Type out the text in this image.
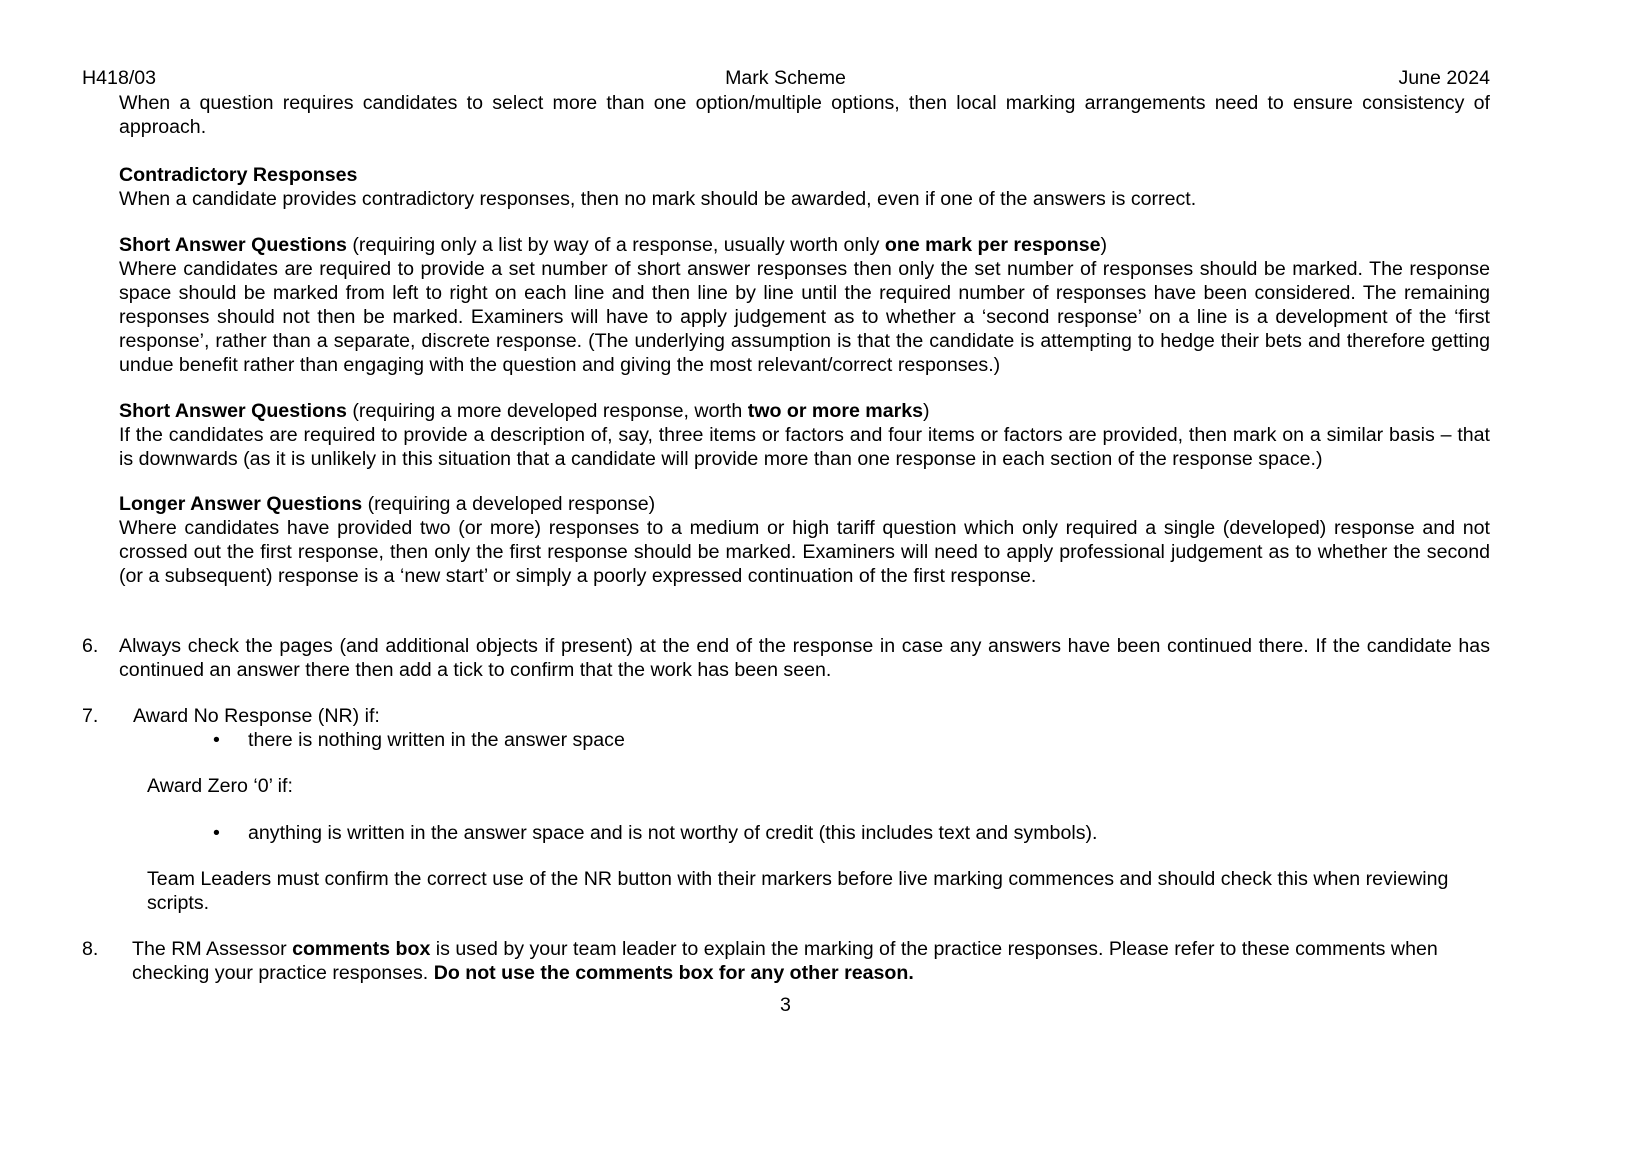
H418/03	Mark Scheme	June 2024
When a question requires candidates to select more than one option/multiple options, then local marking arrangements need to ensure consistency of approach.
Contradictory Responses
When a candidate provides contradictory responses, then no mark should be awarded, even if one of the answers is correct.
Short Answer Questions (requiring only a list by way of a response, usually worth only one mark per response)
Where candidates are required to provide a set number of short answer responses then only the set number of responses should be marked. The response space should be marked from left to right on each line and then line by line until the required number of responses have been considered. The remaining responses should not then be marked. Examiners will have to apply judgement as to whether a ‘second response’ on a line is a development of the ‘first response’, rather than a separate, discrete response. (The underlying assumption is that the candidate is attempting to hedge their bets and therefore getting undue benefit rather than engaging with the question and giving the most relevant/correct responses.)
Short Answer Questions (requiring a more developed response, worth two or more marks)
If the candidates are required to provide a description of, say, three items or factors and four items or factors are provided, then mark on a similar basis – that is downwards (as it is unlikely in this situation that a candidate will provide more than one response in each section of the response space.)
Longer Answer Questions (requiring a developed response)
Where candidates have provided two (or more) responses to a medium or high tariff question which only required a single (developed) response and not crossed out the first response, then only the first response should be marked. Examiners will need to apply professional judgement as to whether the second (or a subsequent) response is a ‘new start’ or simply a poorly expressed continuation of the first response.
6. Always check the pages (and additional objects if present) at the end of the response in case any answers have been continued there. If the candidate has continued an answer there then add a tick to confirm that the work has been seen.
7. Award No Response (NR) if:
• there is nothing written in the answer space
Award Zero ‘0’ if:
• anything is written in the answer space and is not worthy of credit (this includes text and symbols).
Team Leaders must confirm the correct use of the NR button with their markers before live marking commences and should check this when reviewing scripts.
8. The RM Assessor comments box is used by your team leader to explain the marking of the practice responses. Please refer to these comments when checking your practice responses. Do not use the comments box for any other reason.
3
